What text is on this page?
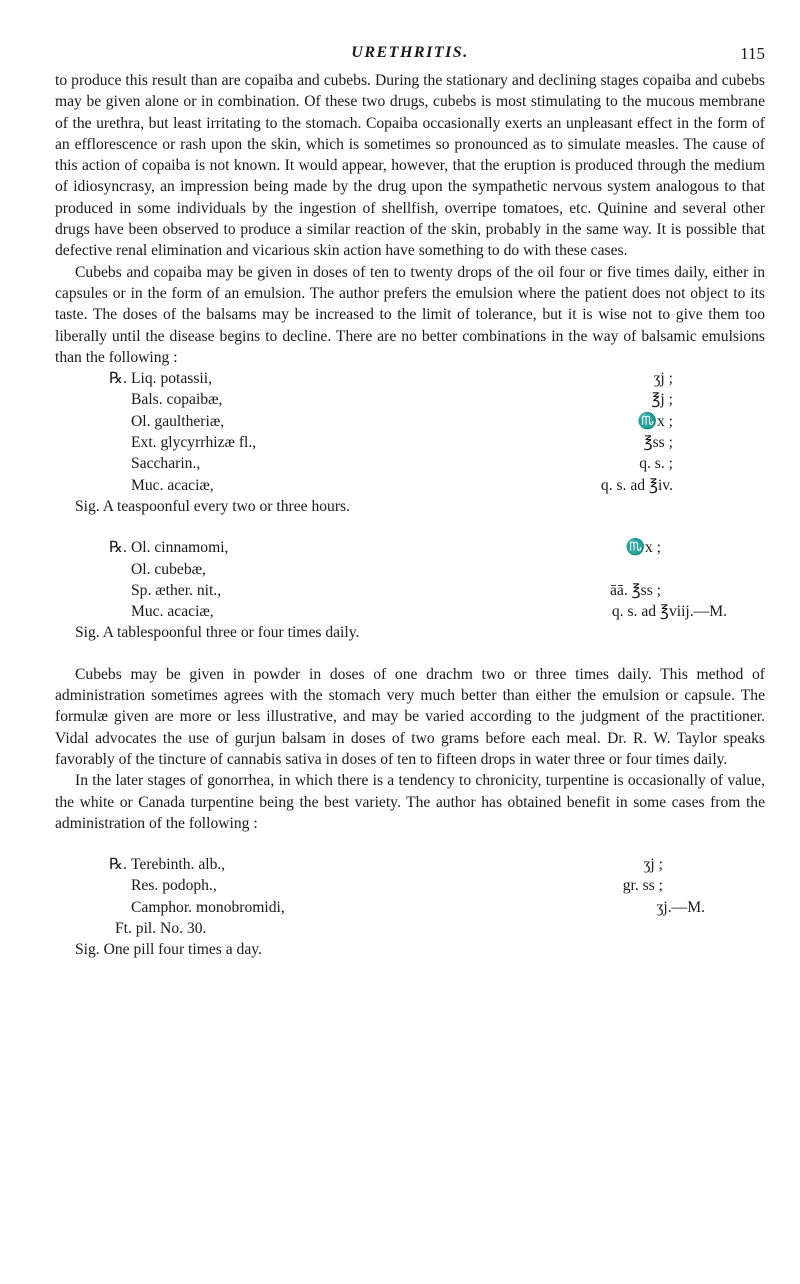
URETHRITIS.	115

to produce this result than are copaiba and cubebs. During the stationary and declining stages copaiba and cubebs may be given alone or in combination. Of these two drugs, cubebs is most stimulating to the mucous membrane of the urethra, but least irritating to the stomach. Copaiba occasionally exerts an unpleasant effect in the form of an efflorescence or rash upon the skin, which is sometimes so pronounced as to simulate measles. The cause of this action of copaiba is not known. It would appear, however, that the eruption is produced through the medium of idiosyncrasy, an impression being made by the drug upon the sympathetic nervous system analogous to that produced in some individuals by the ingestion of shellfish, overripe tomatoes, etc. Quinine and several other drugs have been observed to produce a similar reaction of the skin, probably in the same way. It is possible that defective renal elimination and vicarious skin action have something to do with these cases.

Cubebs and copaiba may be given in doses of ten to twenty drops of the oil four or five times daily, either in capsules or in the form of an emulsion. The author prefers the emulsion where the patient does not object to its taste. The doses of the balsams may be increased to the limit of tolerance, but it is wise not to give them too liberally until the disease begins to decline. There are no better combinations in the way of balsamic emulsions than the following :

℞. Liq. potassii,	ʒj ;
Bals. copaibæ,	℥j ;
Ol. gaultheriæ,	♏x ;
Ext. glycyrrhizæ fl.,	℥ss ;
Saccharin.,	q. s. ;
Muc. acaciæ,	q. s. ad ℥iv.
Sig. A teaspoonful every two or three hours.
℞. Ol. cinnamomi,	♏x ;
Ol. cubebæ,
Sp. æther. nit.,	āā. ℥ss ;
Muc. acaciæ,	q. s. ad ℥viij.—M.
Sig. A tablespoonful three or four times daily.

Cubebs may be given in powder in doses of one drachm two or three times daily. This method of administration sometimes agrees with the stomach very much better than either the emulsion or capsule. The formulæ given are more or less illustrative, and may be varied according to the judgment of the practitioner. Vidal advocates the use of gurjun balsam in doses of two grams before each meal. Dr. R. W. Taylor speaks favorably of the tincture of cannabis sativa in doses of ten to fifteen drops in water three or four times daily.

In the later stages of gonorrhea, in which there is a tendency to chronicity, turpentine is occasionally of value, the white or Canada turpentine being the best variety. The author has obtained benefit in some cases from the administration of the following :

℞. Terebinth. alb.,	ʒj ;
Res. podoph.,	gr. ss ;
Camphor. monobromidi,	ʒj.—M.
Ft. pil. No. 30.
Sig. One pill four times a day.
